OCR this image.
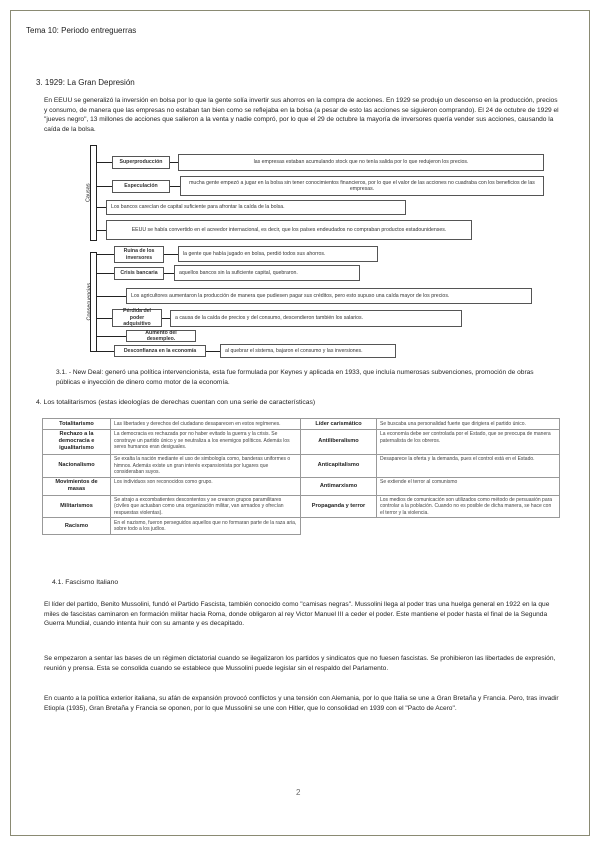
Tema 10: Periodo entreguerras
3. 1929: La Gran Depresión
En EEUU se generalizó la inversión en bolsa por lo que la gente solía invertir sus ahorros en la compra de acciones. En 1929 se produjo un descenso en la producción, precios y consumo, de manera que las empresas no estaban tan bien como se reflejaba en la bolsa (a pesar de esto las acciones se siguieron comprando). El 24 de octubre de 1929 el "jueves negro", 13 millones de acciones que salieron a la venta y nadie compró, por lo que el 29 de octubre la mayoría de inversores quería vender sus acciones, causando la caída de la bolsa.
Causas
Superproducción	las empresas estaban acumulando stock que no tenía salida por lo que redujeron los precios.
Especulación
mucha gente empezó a jugar en la bolsa sin tener conocimientos financieros, por lo que el valor de las acciones no cuadraba con los beneficios de las empresas.
Los bancos carecían de capital suficiente para afrontar la caída de la bolsa.
EEUU se había convertido en el acreedor internacional, es decir, que los países endeudados no compraban productos estadounidenses.
Consecuencias
Ruina de los inversores
la gente que había jugado en bolsa, perdió todos sus ahorros.
Crisis bancaria	aquellos bancos sin la suficiente capital, quebraron.
Los agricultores aumentaron la producción de manera que pudiesen pagar sus créditos, pero esto supuso una caída mayor de los precios.
Pérdida del poder adquisitivo
a causa de la caída de precios y del consumo, descendieron también los salarios.
Aumento del desempleo.
Desconfianza en la economía	al quebrar el sistema, bajaron el consumo y las inversiones.
3.1. - New Deal: generó una política intervencionista, esta fue formulada por Keynes y aplicada en 1933, que incluía numerosas subvenciones, promoción de obras públicas e inyección de dinero como motor de la economía.
4. Los totalitarismos (estas ideologías de derechas cuentan con una serie de características)
Totalitarismo	Las libertades y derechos del ciudadano desaparecen en estos regímenes.	Líder carismático	Se buscaba una personalidad fuerte que dirigiera el partido único.
Rechazo a la democracia e igualitarismo	La democracia es rechazada por no haber evitado la guerra y la crisis. Se construye un partido único y se neutraliza a los enemigos políticos. Además los seres humanos eran desiguales.	Antiliberalismo	La economía debe ser controlada por el Estado, que se preocupa de manera paternalista de los obreros.
Nacionalismo	Se exalta la nación mediante el uso de simbología como, banderas uniformes o himnos. Además existe un gran interés expansionista por lugares que consideraban suyos.	Anticapitalismo	Desaparece la oferta y la demanda, pues el control está en el Estado.
Movimientos de masas	Los individuos son reconocidos como grupo.	Antimarxismo	Se extiende el terror al comunismo
Militarismos	Se atrajo a excombatientes descontentos y se crearon grupos paramilitares (civiles que actuaban como una organización militar, van armados y ofrecían respuestas violentas).	Propaganda y terror	Los medios de comunicación son utilizados como método de persuasión para controlar a la población. Cuando no es posible de dicha manera, se hace con el terror y la violencia.
Racismo	En el nazismo, fueron perseguidos aquellos que no formaran parte de la raza aria, sobre todo a los judíos.		
4.1. Fascismo Italiano
El líder del partido, Benito Mussolini, fundó el Partido Fascista, también conocido como "camisas negras". Mussolini llega al poder tras una huelga general en 1922 en la que miles de fascistas caminaron en formación militar hacia Roma, donde obligaron al rey Victor Manuel III a ceder el poder. Este mantiene el poder hasta el final de la Segunda Guerra Mundial, cuando intenta huir con su amante y es decapitado.
Se empezaron a sentar las bases de un régimen dictatorial cuando se ilegalizaron los partidos y sindicatos que no fuesen fascistas. Se prohibieron las libertades de expresión, reunión y prensa. Esta se consolida cuando se establece que Mussolini puede legislar sin el respaldo del Parlamento.
En cuanto a la política exterior italiana, su afán de expansión provocó conflictos y una tensión con Alemania, por lo que Italia se une a Gran Bretaña y Francia. Pero, tras invadir Etiopía (1935), Gran Bretaña y Francia se oponen, por lo que Mussolini se une con Hitler, que lo consolidad en 1939 con el "Pacto de Acero".
2
